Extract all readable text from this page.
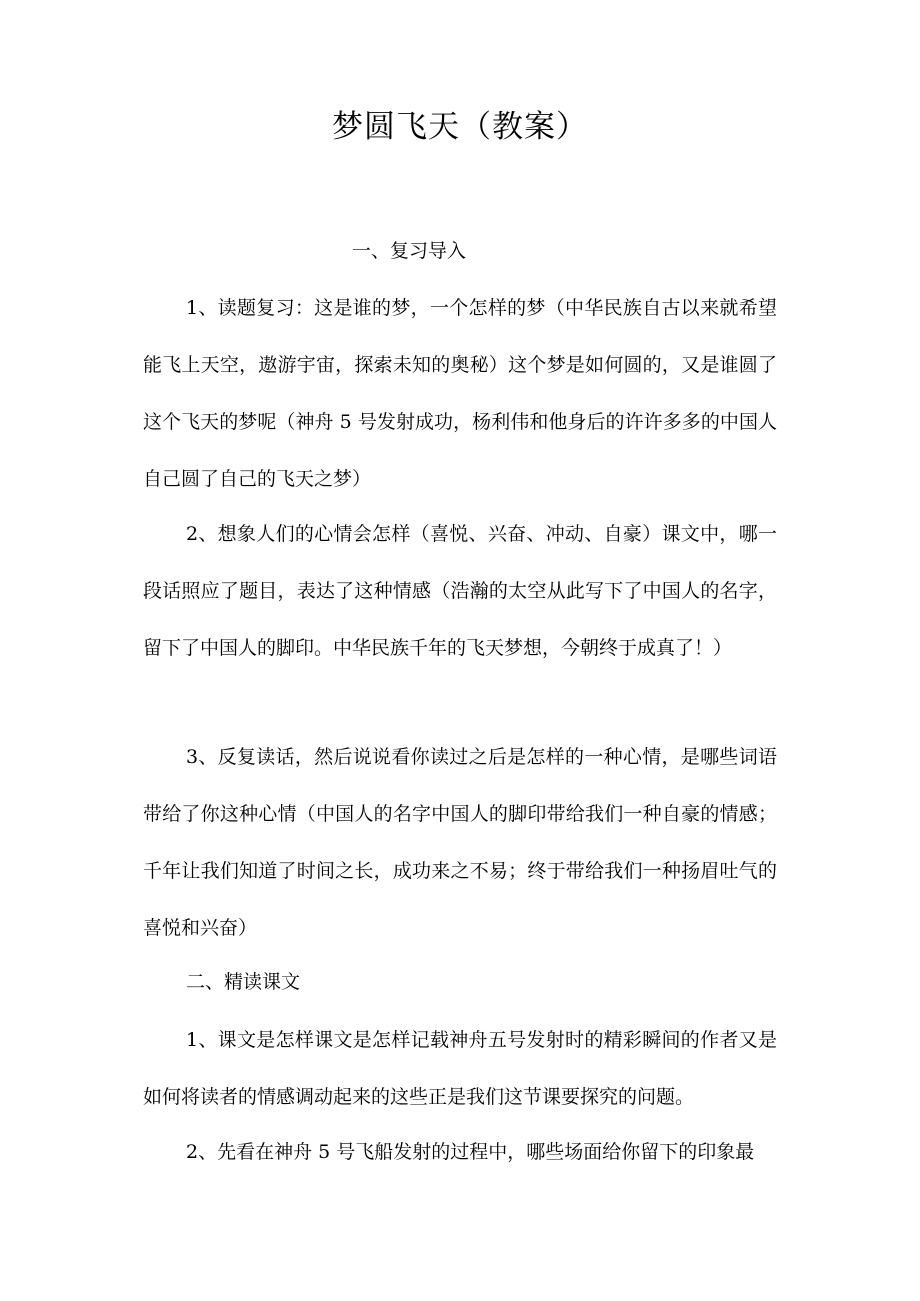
梦圆飞天（教案）
一、复习导入
1、读题复习：这是谁的梦，一个怎样的梦（中华民族自古以来就希望能飞上天空，遨游宇宙，探索未知的奥秘）这个梦是如何圆的，又是谁圆了这个飞天的梦呢（神舟 5 号发射成功，杨利伟和他身后的许许多多的中国人自己圆了自己的飞天之梦）
2、想象人们的心情会怎样（喜悦、兴奋、冲动、自豪）课文中，哪一段话照应了题目，表达了这种情感（浩瀚的太空从此写下了中国人的名字，留下了中国人的脚印。中华民族千年的飞天梦想，今朝终于成真了！）
3、反复读话，然后说说看你读过之后是怎样的一种心情，是哪些词语带给了你这种心情（中国人的名字中国人的脚印带给我们一种自豪的情感；千年让我们知道了时间之长，成功来之不易；终于带给我们一种扬眉吐气的喜悦和兴奋）
二、精读课文
1、课文是怎样课文是怎样记载神舟五号发射时的精彩瞬间的作者又是如何将读者的情感调动起来的这些正是我们这节课要探究的问题。
2、先看在神舟 5 号飞船发射的过程中，哪些场面给你留下的印象最
